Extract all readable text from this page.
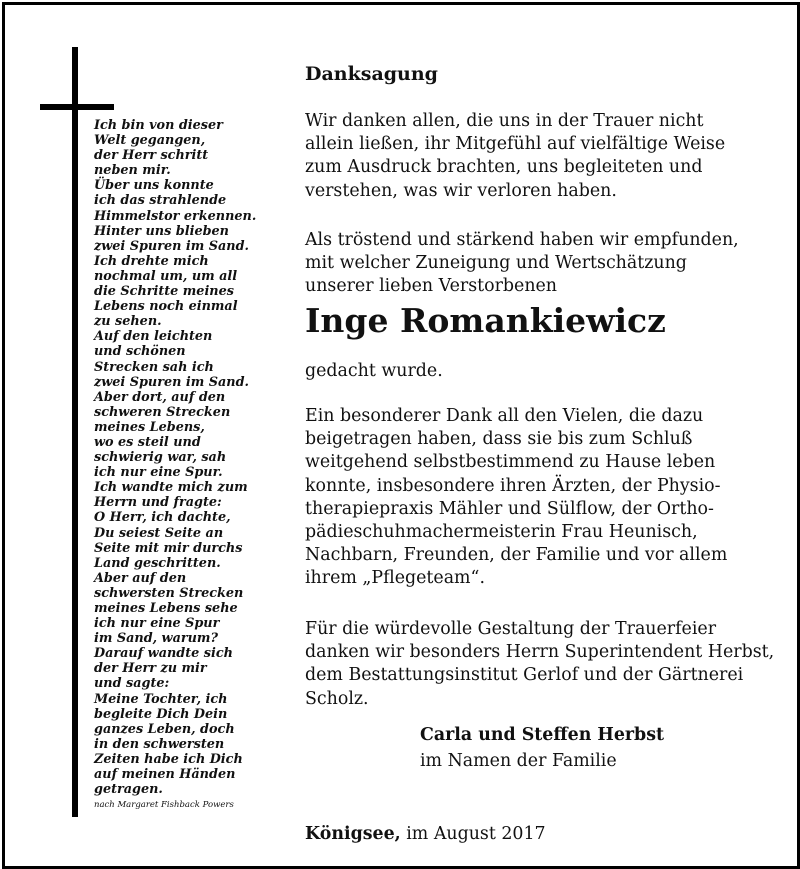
Ich bin von dieser
Welt gegangen,
der Herr schritt
neben mir.
Über uns konnte
ich das strahlende
Himmelstor erkennen.
Hinter uns blieben
zwei Spuren im Sand.
Ich drehte mich
nochmal um, um all
die Schritte meines
Lebens noch einmal
zu sehen.
Auf den leichten
und schönen
Strecken sah ich
zwei Spuren im Sand.
Aber dort, auf den
schweren Strecken
meines Lebens,
wo es steil und
schwierig war, sah
ich nur eine Spur.
Ich wandte mich zum
Herrn und fragte:
O Herr, ich dachte,
Du seiest Seite an
Seite mit mir durchs
Land geschritten.
Aber auf den
schwersten Strecken
meines Lebens sehe
ich nur eine Spur
im Sand, warum?
Darauf wandte sich
der Herr zu mir
und sagte:
Meine Tochter, ich
begleite Dich Dein
ganzes Leben, doch
in den schwersten
Zeiten habe ich Dich
auf meinen Händen
getragen.
nach Margaret Fishback Powers
Danksagung
Wir danken allen, die uns in der Trauer nicht
allein ließen, ihr Mitgefühl auf vielfältige Weise
zum Ausdruck brachten, uns begleiteten und
verstehen, was wir verloren haben.
Als tröstend und stärkend haben wir empfunden,
mit welcher Zuneigung und Wertschätzung
unserer lieben Verstorbenen
Inge Romankiewicz
gedacht wurde.
Ein besonderer Dank all den Vielen, die dazu
beigetragen haben, dass sie bis zum Schluß
weitgehend selbstbestimmend zu Hause leben
konnte, insbesondere ihren Ärzten, der Physio-
therapiepraxis Mähler und Sülflow, der Ortho-
pädieschuhmachermeisterin Frau Heunisch,
Nachbarn, Freunden, der Familie und vor allem
ihrem „Pflegeteam“.
Für die würdevolle Gestaltung der Trauerfeier
danken wir besonders Herrn Superintendent Herbst,
dem Bestattungsinstitut Gerlof und der Gärtnerei
Scholz.
Carla und Steffen Herbst
im Namen der Familie
Königsee, im August 2017
